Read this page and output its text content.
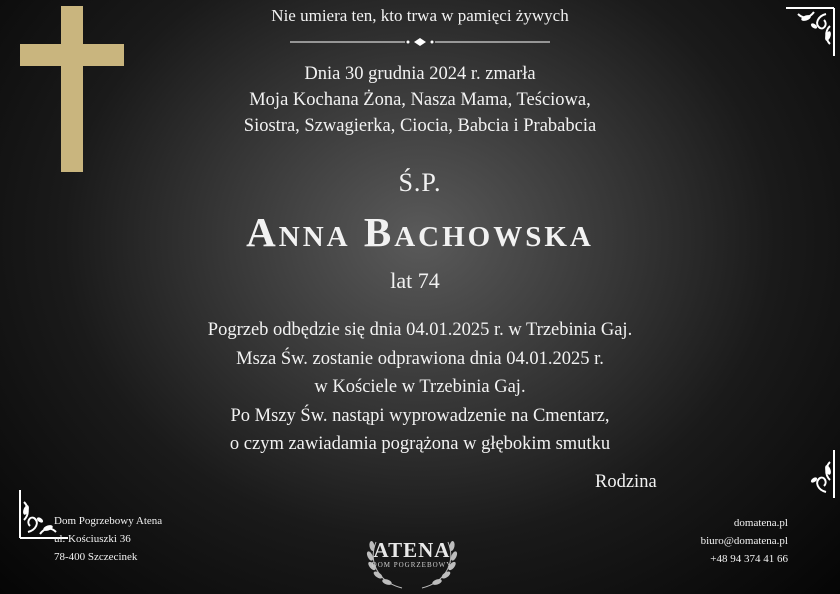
Nie umiera ten, kto trwa w pamięci żywych
Dnia 30 grudnia 2024 r. zmarła
Moja Kochana Żona, Nasza Mama, Teściowa,
Siostra, Szwagierka, Ciocia, Babcia i Prababcia
Ś.P.
Anna Bachowska
lat 74
Pogrzeb odbędzie się dnia 04.01.2025 r. w Trzebinia Gaj.
Msza Św. zostanie odprawiona dnia 04.01.2025 r.
w Kościele w Trzebinia Gaj.
Po Mszy Św. nastąpi wyprowadzenie na Cmentarz,
o czym zawiadamia pogrążona w głębokim smutku
Rodzina
Dom Pogrzebowy Atena
ul. Kościuszki 36
78-400 Szczecinek	ATENA
DOM POGRZEBOWY
domatena.pl
biuro@domatena.pl
+48 94 374 41 66
